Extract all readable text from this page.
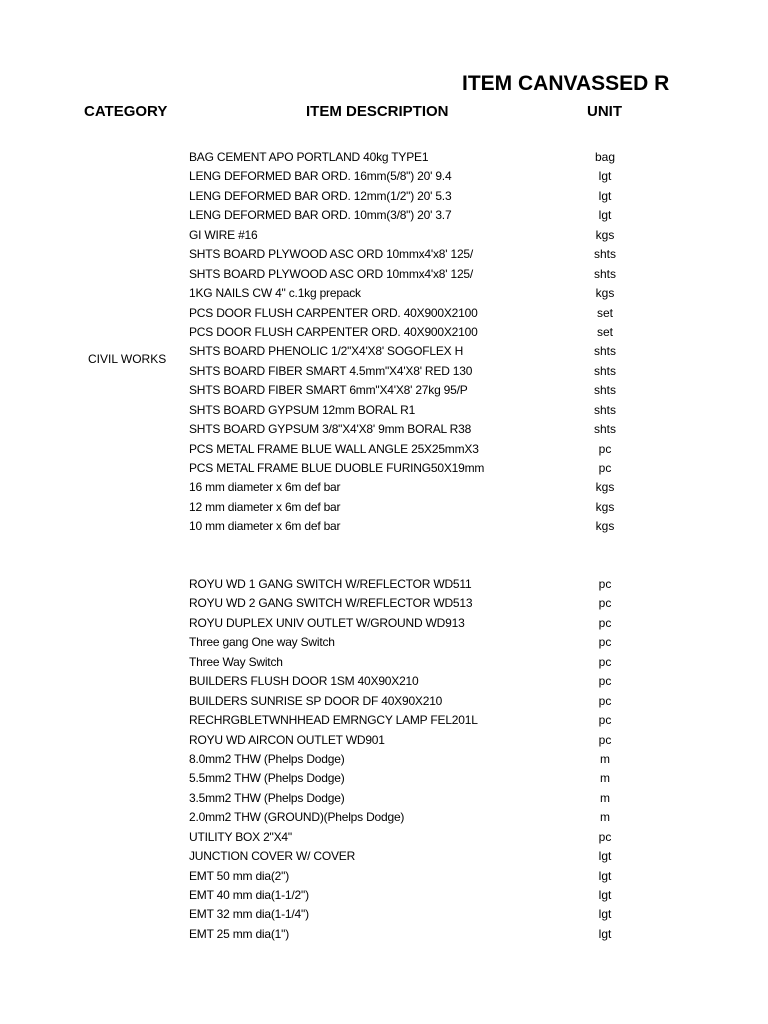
ITEM CANVASSED R
CATEGORY	ITEM DESCRIPTION	UNIT
CIVIL WORKS
BAG CEMENT APO PORTLAND 40kg TYPE1	bag
LENG DEFORMED BAR ORD. 16mm(5/8") 20' 9.4	lgt
LENG DEFORMED BAR ORD. 12mm(1/2") 20' 5.3	lgt
LENG DEFORMED BAR ORD. 10mm(3/8") 20' 3.7	lgt
GI WIRE #16	kgs
SHTS BOARD PLYWOOD ASC ORD 10mmx4'x8' 125/	shts
SHTS BOARD PLYWOOD ASC ORD 10mmx4'x8' 125/	shts
1KG NAILS CW 4" c.1kg prepack	kgs
PCS DOOR FLUSH CARPENTER ORD. 40X900X2100	set
PCS DOOR FLUSH CARPENTER ORD. 40X900X2100	set
SHTS BOARD PHENOLIC 1/2"X4'X8' SOGOFLEX H	shts
SHTS BOARD FIBER SMART 4.5mm"X4'X8' RED 130	shts
SHTS BOARD FIBER SMART 6mm"X4'X8' 27kg 95/P	shts
SHTS BOARD GYPSUM 12mm BORAL R1	shts
SHTS BOARD GYPSUM 3/8"X4'X8' 9mm BORAL R38	shts
PCS METAL FRAME BLUE WALL ANGLE 25X25mmX3	pc
PCS METAL FRAME BLUE DUOBLE FURING50X19mm	pc
16 mm diameter x 6m def bar	kgs
12 mm diameter x 6m def bar	kgs
10 mm diameter x 6m def bar	kgs
ROYU WD 1 GANG SWITCH W/REFLECTOR WD511	pc
ROYU WD 2 GANG SWITCH W/REFLECTOR WD513	pc
ROYU DUPLEX UNIV OUTLET W/GROUND WD913	pc
Three gang One way Switch	pc
Three Way Switch	pc
BUILDERS FLUSH DOOR 1SM 40X90X210	pc
BUILDERS SUNRISE SP DOOR DF 40X90X210	pc
RECHRGBLETWNHHEAD EMRNGCY LAMP FEL201L	pc
ROYU WD AIRCON OUTLET WD901	pc
8.0mm2 THW (Phelps Dodge)	m
5.5mm2 THW (Phelps Dodge)	m
3.5mm2 THW (Phelps Dodge)	m
2.0mm2 THW (GROUND)(Phelps Dodge)	m
UTILITY BOX 2"X4"	pc
JUNCTION COVER W/ COVER	lgt
EMT 50 mm dia(2")	lgt
EMT 40 mm dia(1-1/2")	lgt
EMT 32 mm dia(1-1/4")	lgt
EMT 25 mm dia(1")	lgt
